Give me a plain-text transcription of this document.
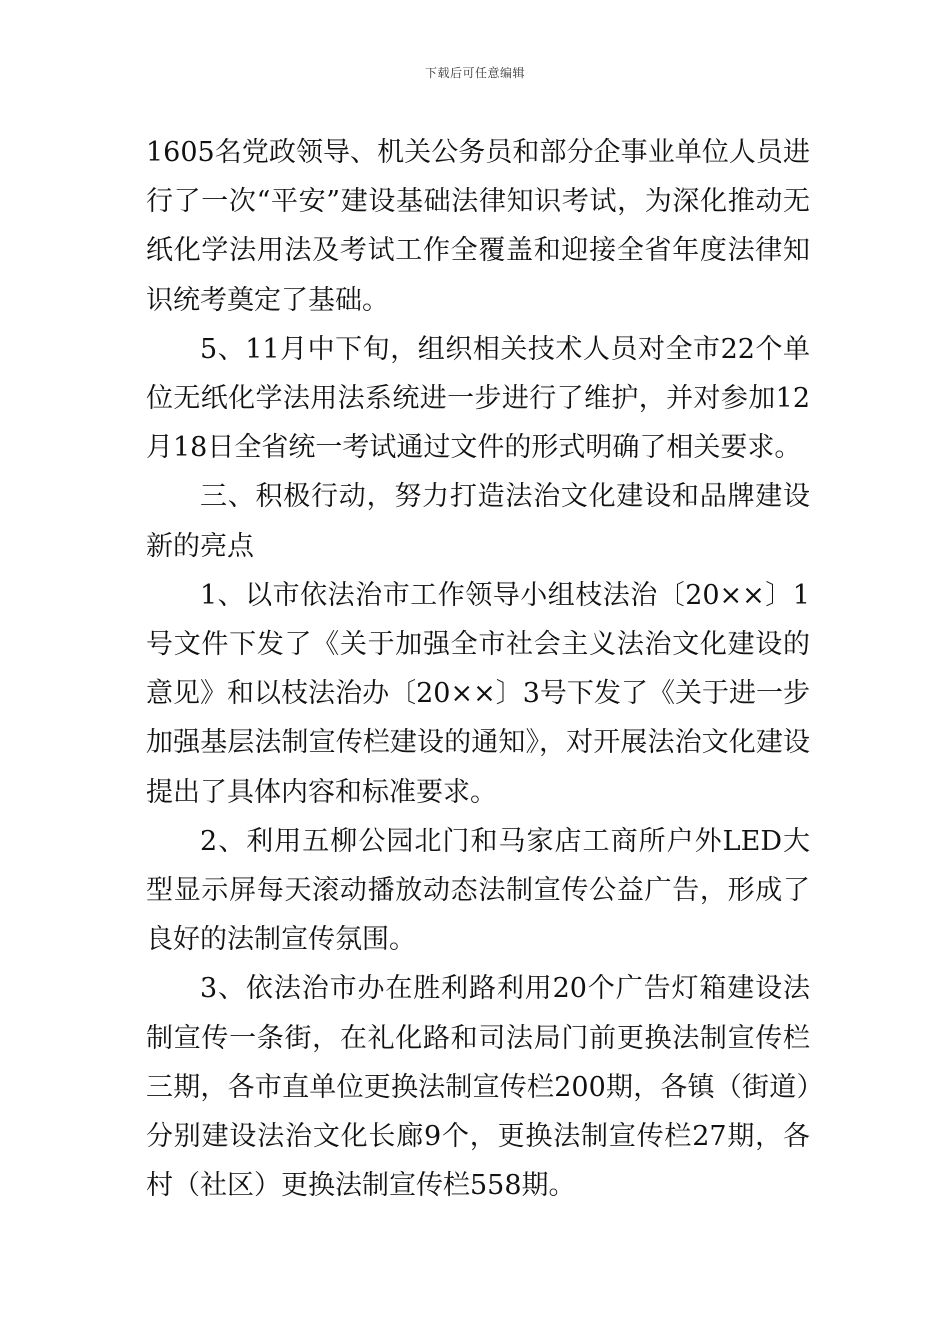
下载后可任意编辑

1605名党政领导、机关公务员和部分企事业单位人员进行了一次“平安”建设基础法律知识考试，为深化推动无纸化学法用法及考试工作全覆盖和迎接全省年度法律知识统考奠定了基础。

5、11月中下旬，组织相关技术人员对全市22个单位无纸化学法用法系统进一步进行了维护，并对参加12月18日全省统一考试通过文件的形式明确了相关要求。

三、积极行动，努力打造法治文化建设和品牌建设新的亮点

1、以市依法治市工作领导小组枝法治〔20××〕1号文件下发了《关于加强全市社会主义法治文化建设的意见》和以枝法治办〔20××〕3号下发了《关于进一步加强基层法制宣传栏建设的通知》，对开展法治文化建设提出了具体内容和标准要求。

2、利用五柳公园北门和马家店工商所户外LED大型显示屏每天滚动播放动态法制宣传公益广告，形成了良好的法制宣传氛围。

3、依法治市办在胜利路利用20个广告灯箱建设法制宣传一条街，在礼化路和司法局门前更换法制宣传栏三期，各市直单位更换法制宣传栏200期，各镇（街道）分别建设法治文化长廊9个，更换法制宣传栏27期，各村（社区）更换法制宣传栏558期。
